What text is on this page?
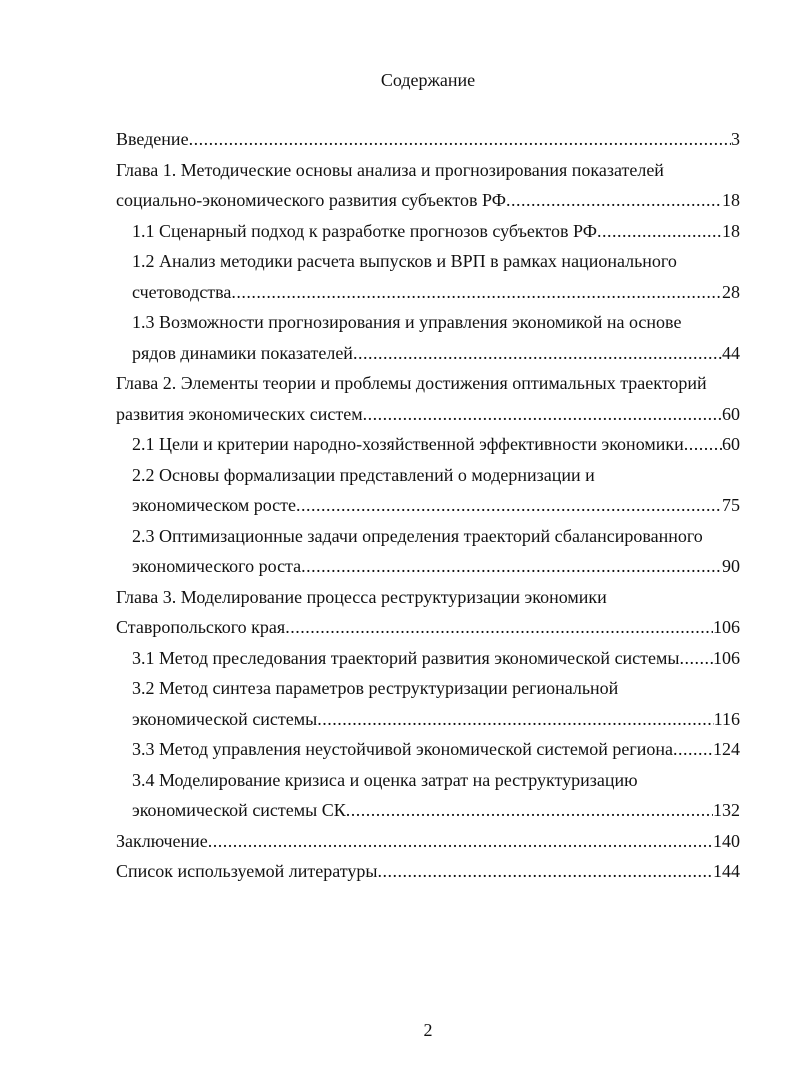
Содержание
Введение .....	3
Глава 1. Методические основы анализа и прогнозирования показателей
социально-экономического развития субъектов РФ .....	18
1.1 Сценарный подход к разработке прогнозов субъектов РФ .....	18
1.2 Анализ методики расчета выпусков и ВРП в рамках национального
счетоводства .....	28
1.3 Возможности прогнозирования и управления экономикой на основе
рядов динамики показателей .....	44
Глава 2. Элементы теории и проблемы достижения оптимальных траекторий
развития экономических систем .....	60
2.1 Цели и критерии народно-хозяйственной эффективности экономики ..... 60
2.2 Основы формализации представлений о модернизации и
экономическом росте .....	75
2.3 Оптимизационные задачи определения траекторий сбалансированного
экономического роста .....	90
Глава 3. Моделирование процесса реструктуризации экономики
Ставропольского края .....	106
3.1 Метод преследования траекторий развития экономической системы ..... 106
3.2 Метод синтеза параметров реструктуризации региональной
экономической системы .....	116
3.3 Метод управления неустойчивой экономической системой региона ..... 124
3.4 Моделирование кризиса и оценка затрат на реструктуризацию
экономической системы СК .....	132
Заключение .....	140
Список используемой литературы .....	144
2
